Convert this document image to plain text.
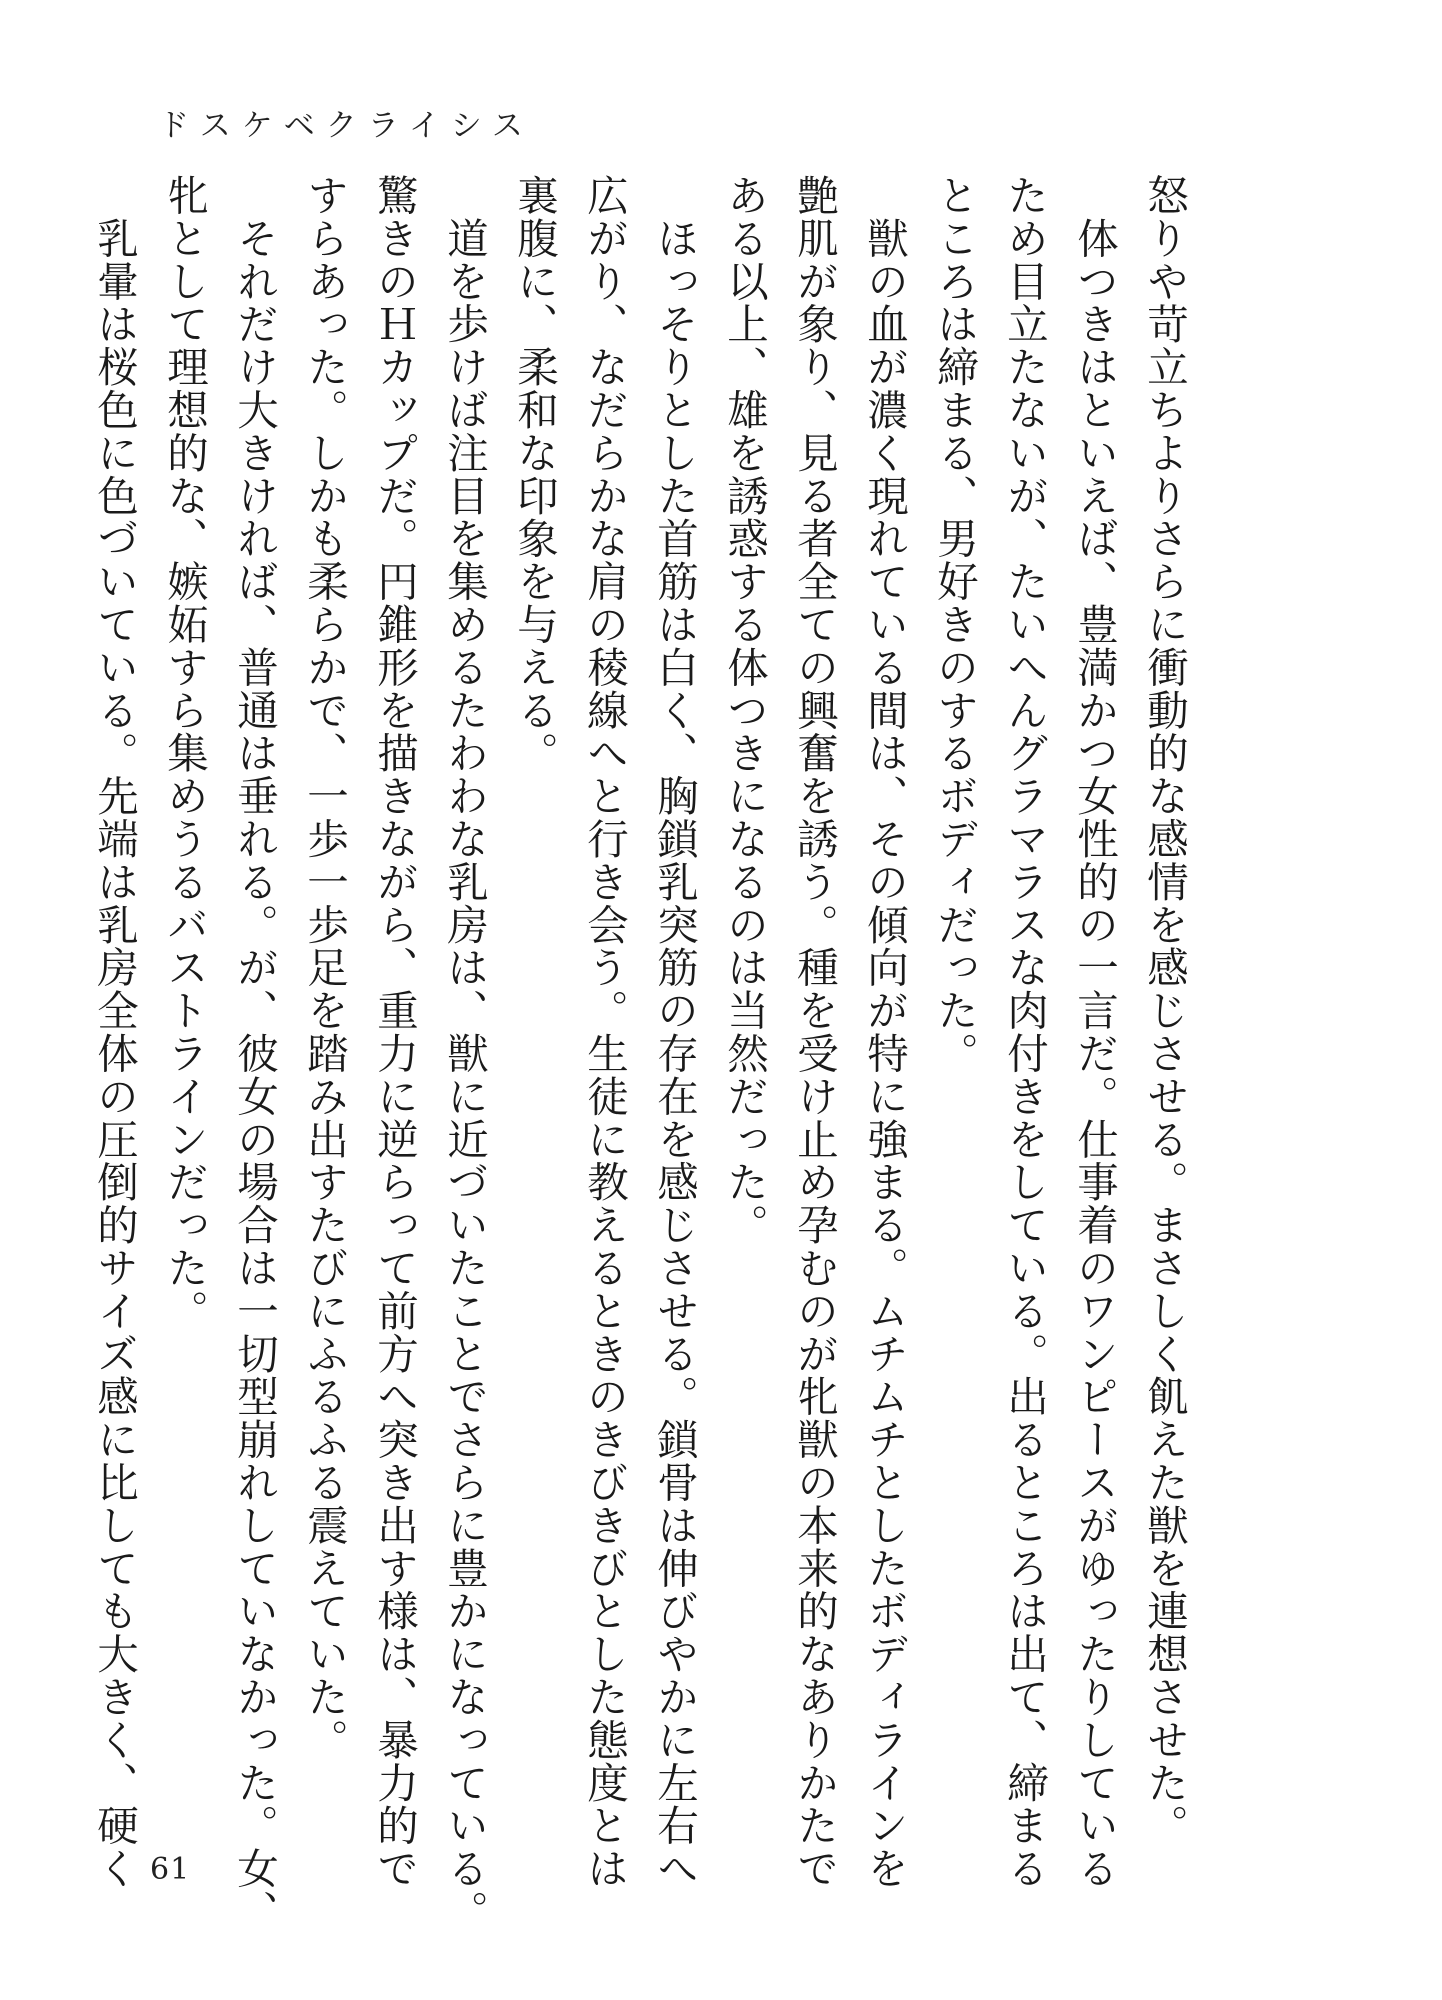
ドスケベクライシス

怒りや苛立ちよりさらに衝動的な感情を感じさせる。まさしく飢えた獣を連想させた。

　体つきはといえば、豊満かつ女性的の一言だ。仕事着のワンピースがゆったりしている

ため目立たないが、たいへんグラマラスな肉付きをしている。出るところは出て、締まる

ところは締まる、男好きのするボディだった。

　獣の血が濃く現れている間は、その傾向が特に強まる。ムチムチとしたボディラインを

艶肌が象り、見る者全ての興奮を誘う。種を受け止め孕むのが牝獣の本来的なありかたで

ある以上、雄を誘惑する体つきになるのは当然だった。

　ほっそりとした首筋は白く、胸鎖乳突筋の存在を感じさせる。鎖骨は伸びやかに左右へ

広がり、なだらかな肩の稜線へと行き会う。生徒に教えるときのきびきびとした態度とは

裏腹に、柔和な印象を与える。

　道を歩けば注目を集めるたわわな乳房は、獣に近づいたことでさらに豊かになっている。

驚きのＨカップだ。円錐形を描きながら、重力に逆らって前方へ突き出す様は、暴力的で

すらあった。しかも柔らかで、一歩一歩足を踏み出すたびにふるふる震えていた。

　それだけ大きければ、普通は垂れる。が、彼女の場合は一切型崩れしていなかった。女、

牝として理想的な、嫉妬すら集めうるバストラインだった。

　乳暈は桜色に色づいている。先端は乳房全体の圧倒的サイズ感に比しても大きく、硬く 61
